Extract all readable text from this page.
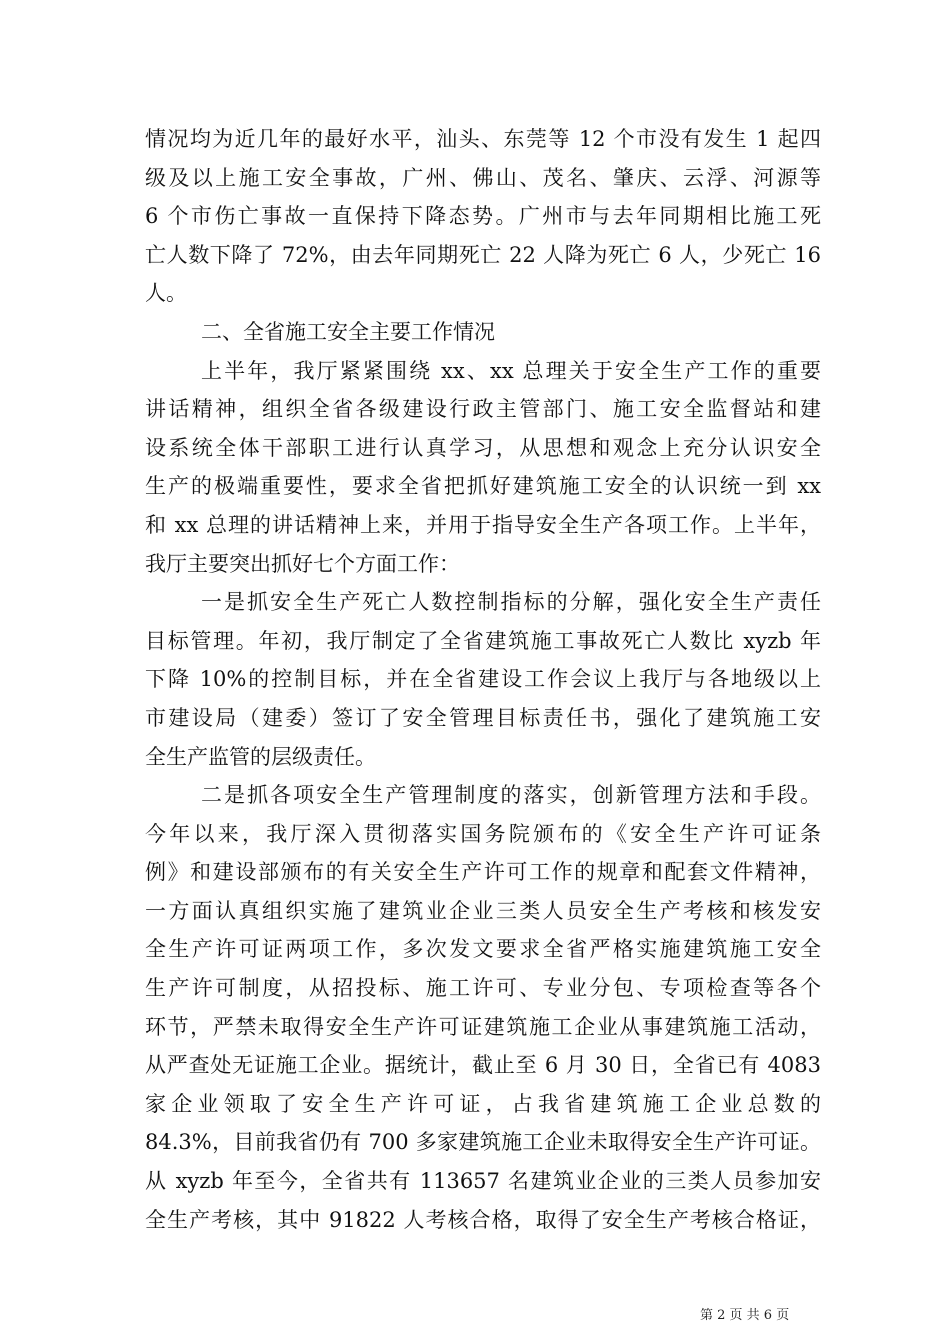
情况均为近几年的最好水平，汕头、东莞等 12 个市没有发生 1 起四
级及以上施工安全事故，广州、佛山、茂名、肇庆、云浮、河源等
6 个市伤亡事故一直保持下降态势。广州市与去年同期相比施工死
亡人数下降了 72%，由去年同期死亡 22 人降为死亡 6 人，少死亡 16
人。
二、全省施工安全主要工作情况
上半年，我厅紧紧围绕 xx、xx 总理关于安全生产工作的重要
讲话精神，组织全省各级建设行政主管部门、施工安全监督站和建
设系统全体干部职工进行认真学习，从思想和观念上充分认识安全
生产的极端重要性，要求全省把抓好建筑施工安全的认识统一到 xx
和 xx 总理的讲话精神上来，并用于指导安全生产各项工作。上半年，
我厅主要突出抓好七个方面工作：
一是抓安全生产死亡人数控制指标的分解，强化安全生产责任
目标管理。年初，我厅制定了全省建筑施工事故死亡人数比 xyzb 年
下降 10%的控制目标，并在全省建设工作会议上我厅与各地级以上
市建设局（建委）签订了安全管理目标责任书，强化了建筑施工安
全生产监管的层级责任。
二是抓各项安全生产管理制度的落实，创新管理方法和手段。
今年以来，我厅深入贯彻落实国务院颁布的《安全生产许可证条
例》和建设部颁布的有关安全生产许可工作的规章和配套文件精神，
一方面认真组织实施了建筑业企业三类人员安全生产考核和核发安
全生产许可证两项工作，多次发文要求全省严格实施建筑施工安全
生产许可制度，从招投标、施工许可、专业分包、专项检查等各个
环节，严禁未取得安全生产许可证建筑施工企业从事建筑施工活动，
从严查处无证施工企业。据统计，截止至 6 月 30 日，全省已有 4083
家企业领取了安全生产许可证，占我省建筑施工企业总数的
84.3%，目前我省仍有 700 多家建筑施工企业未取得安全生产许可证。
从 xyzb 年至今，全省共有 113657 名建筑业企业的三类人员参加安
全生产考核，其中 91822 人考核合格，取得了安全生产考核合格证，
第 2 页 共 6 页
